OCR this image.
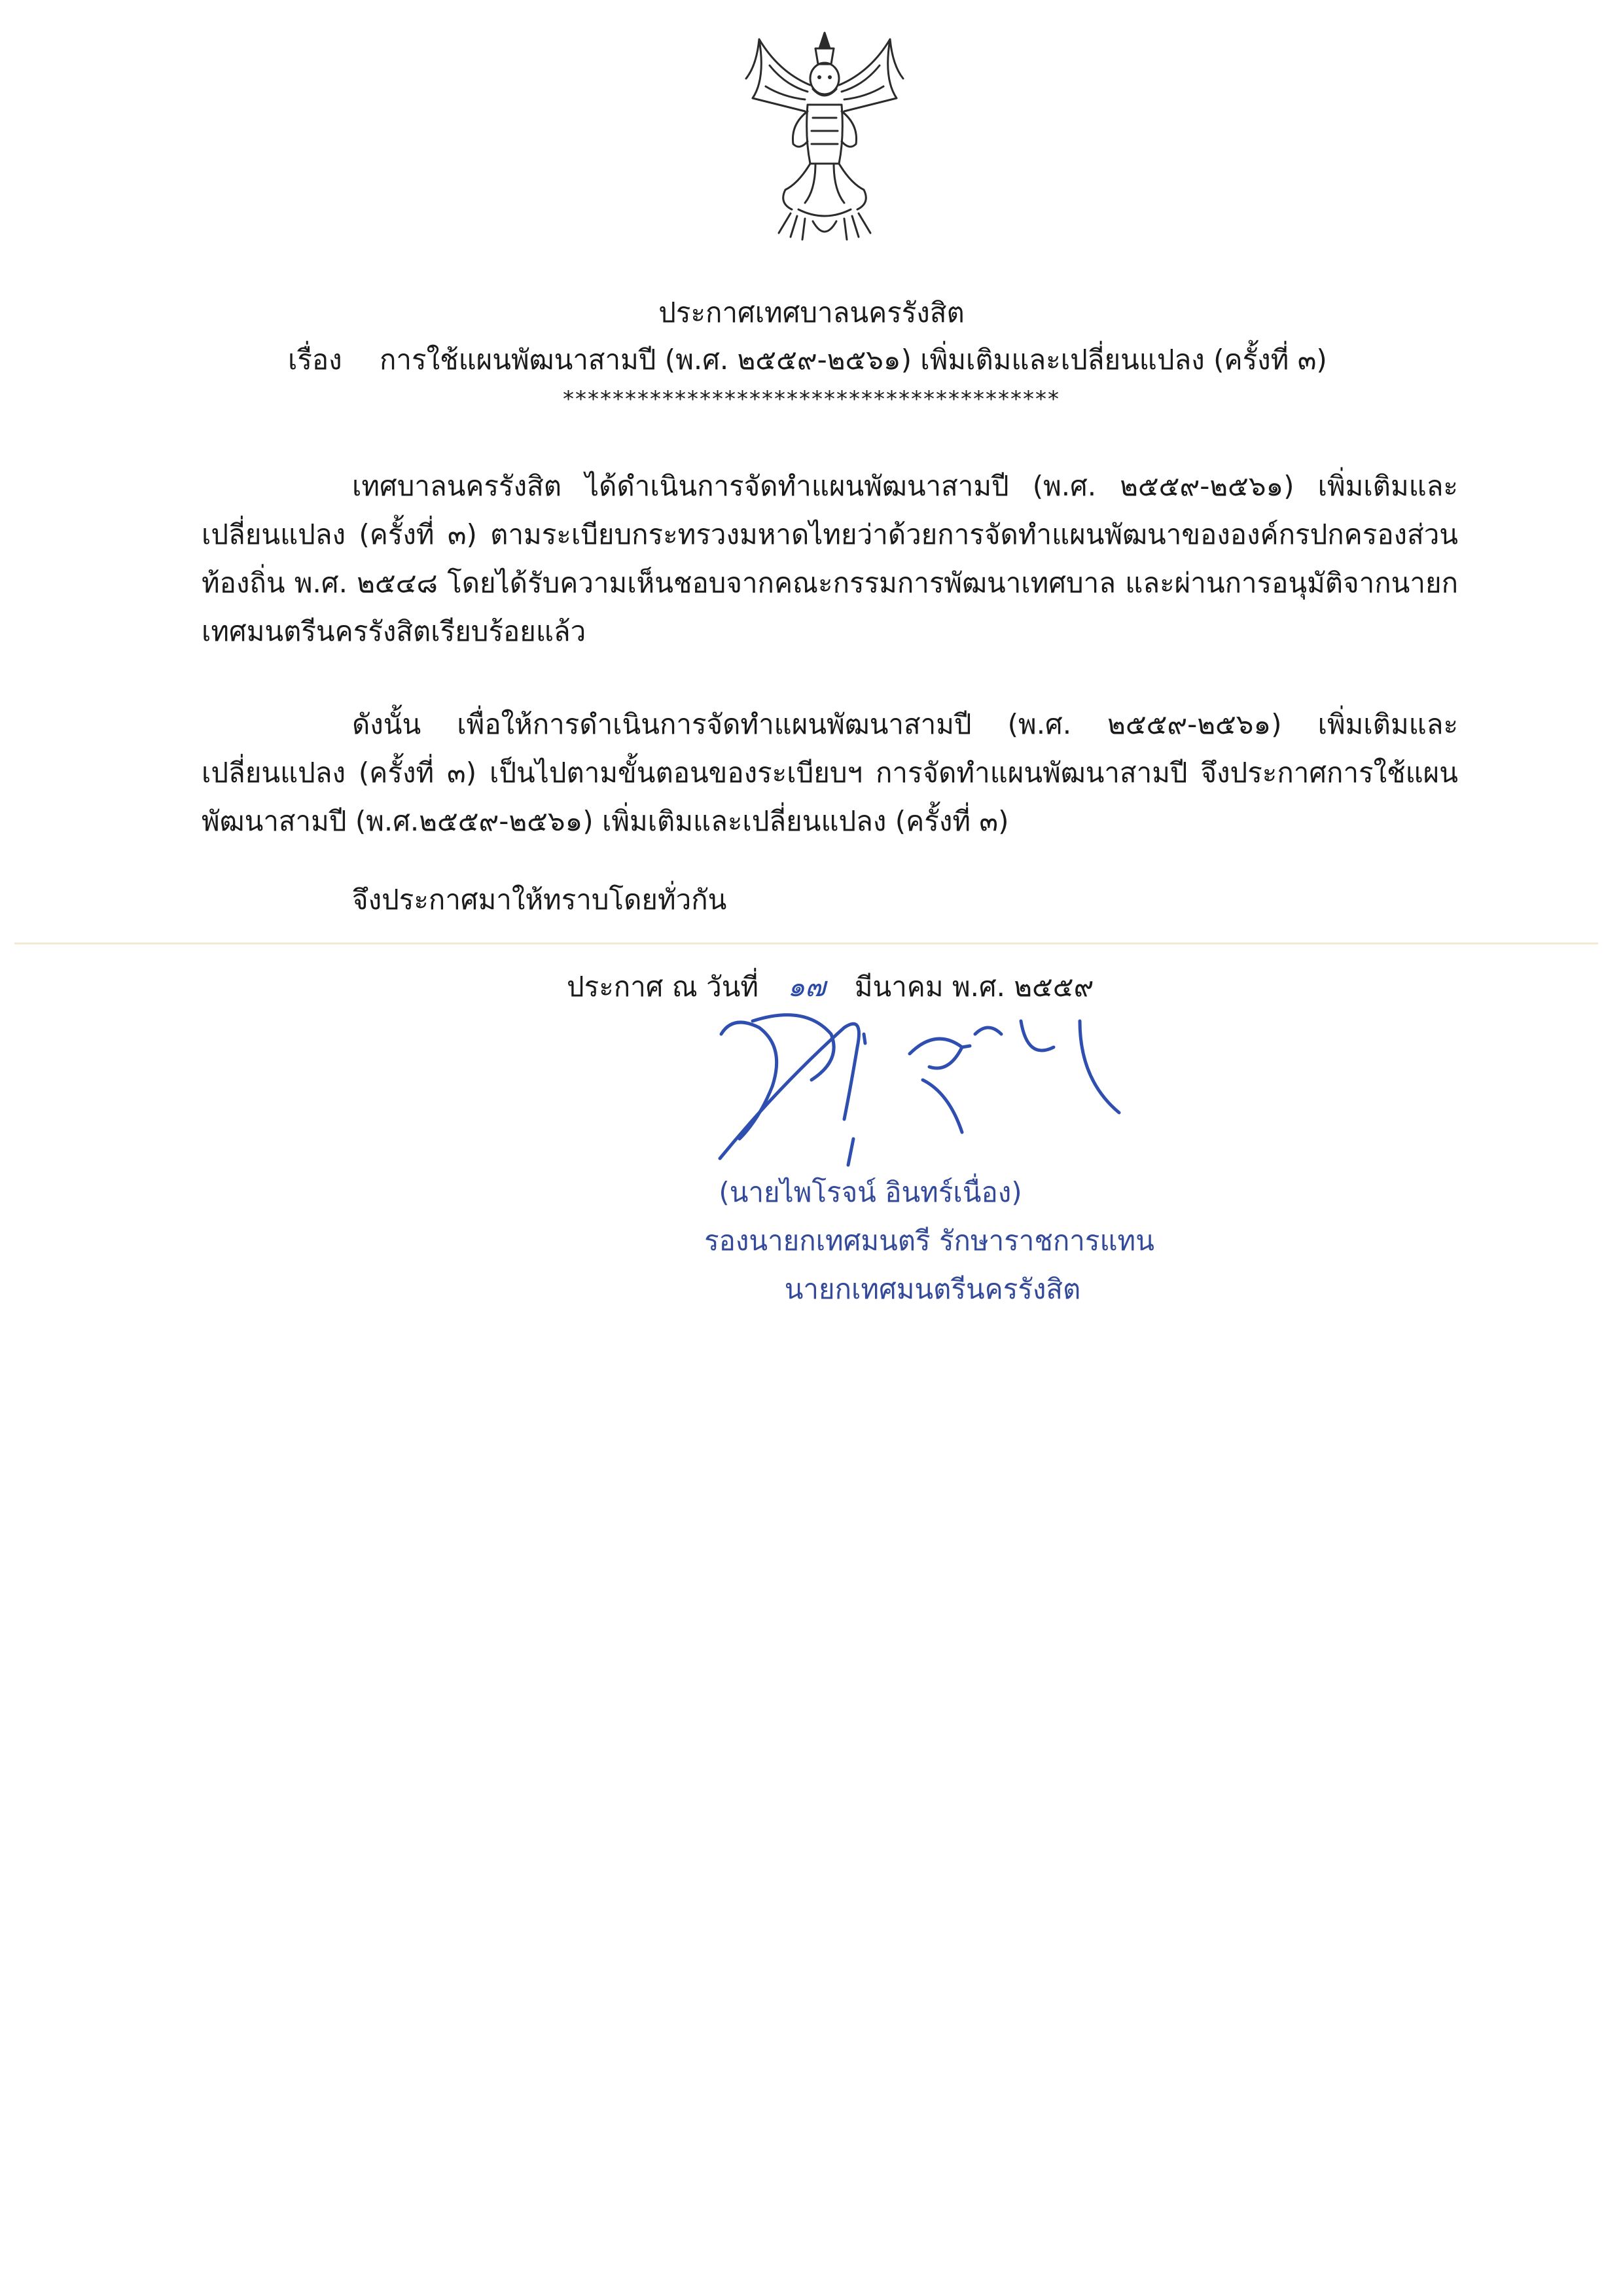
ประกาศเทศบาลนครรังสิต
เรื่อง การใช้แผนพัฒนาสามปี (พ.ศ. ๒๕๕๙-๒๕๖๑) เพิ่มเติมและเปลี่ยนแปลง (ครั้งที่ ๓)
****************************************
เทศบาลนครรังสิต ได้ดำเนินการจัดทำแผนพัฒนาสามปี (พ.ศ. ๒๕๕๙-๒๕๖๑) เพิ่มเติมและเปลี่ยนแปลง (ครั้งที่ ๓) ตามระเบียบกระทรวงมหาดไทยว่าด้วยการจัดทำแผนพัฒนาขององค์กรปกครองส่วนท้องถิ่น พ.ศ. ๒๕๔๘ โดยได้รับความเห็นชอบจากคณะกรรมการพัฒนาเทศบาล และผ่านการอนุมัติจากนายกเทศมนตรีนครรังสิตเรียบร้อยแล้ว
ดังนั้น เพื่อให้การดำเนินการจัดทำแผนพัฒนาสามปี (พ.ศ. ๒๕๕๙-๒๕๖๑) เพิ่มเติมและเปลี่ยนแปลง (ครั้งที่ ๓) เป็นไปตามขั้นตอนของระเบียบฯ การจัดทำแผนพัฒนาสามปี จึงประกาศการใช้แผนพัฒนาสามปี (พ.ศ.๒๕๕๙-๒๕๖๑) เพิ่มเติมและเปลี่ยนแปลง (ครั้งที่ ๓)
จึงประกาศมาให้ทราบโดยทั่วกัน
ประกาศ ณ วันที่ ๑๗ มีนาคม พ.ศ. ๒๕๕๙
(นายไพโรจน์ อินทร์เนื่อง)
รองนายกเทศมนตรี รักษาราชการแทน
นายกเทศมนตรีนครรังสิต
